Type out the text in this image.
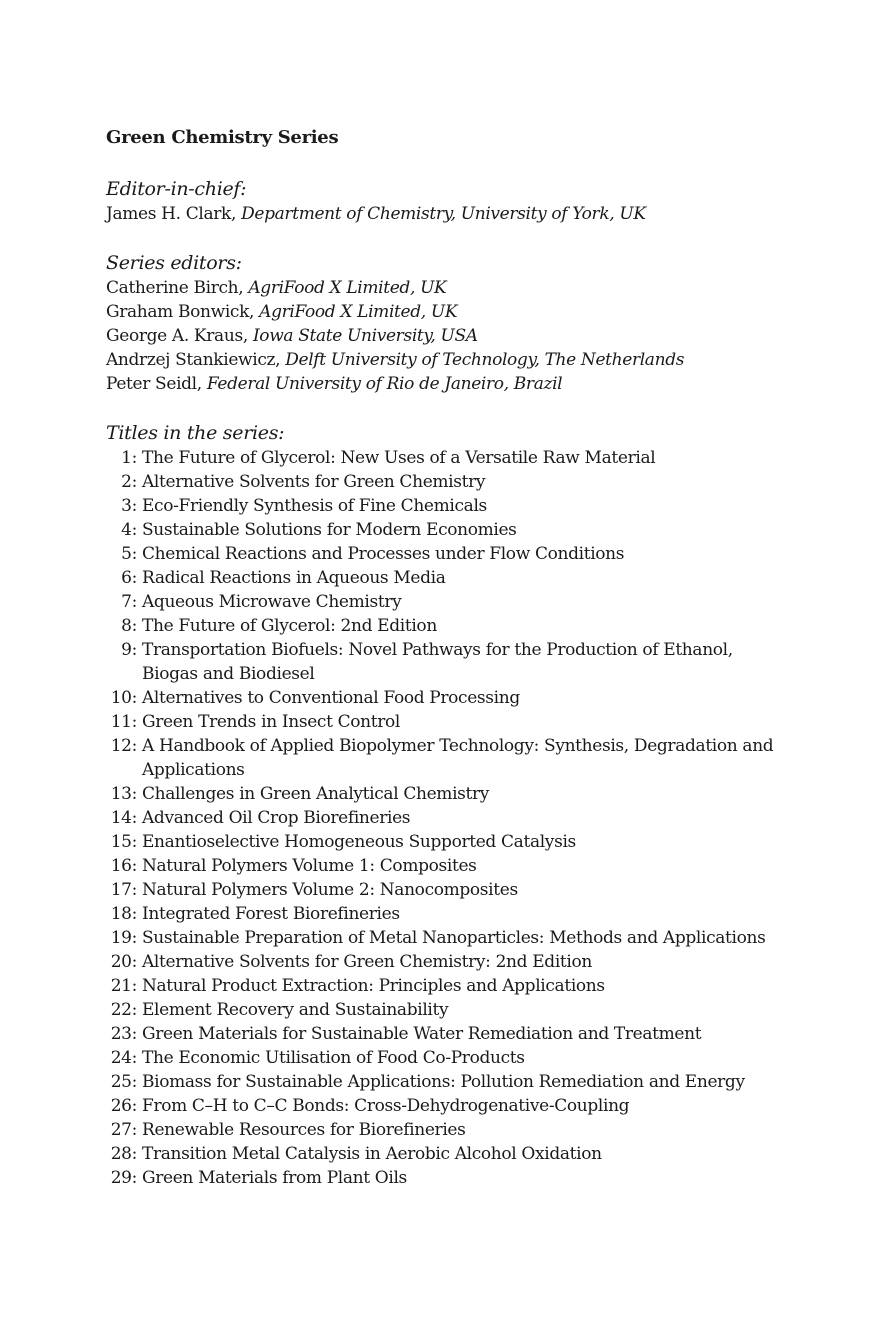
Green Chemistry Series
Editor-in-chief:
James H. Clark, Department of Chemistry, University of York, UK
Series editors:
Catherine Birch, AgriFood X Limited, UK
Graham Bonwick, AgriFood X Limited, UK
George A. Kraus, Iowa State University, USA
Andrzej Stankiewicz, Delft University of Technology, The Netherlands
Peter Seidl, Federal University of Rio de Janeiro, Brazil
Titles in the series:
1: The Future of Glycerol: New Uses of a Versatile Raw Material
2: Alternative Solvents for Green Chemistry
3: Eco-Friendly Synthesis of Fine Chemicals
4: Sustainable Solutions for Modern Economies
5: Chemical Reactions and Processes under Flow Conditions
6: Radical Reactions in Aqueous Media
7: Aqueous Microwave Chemistry
8: The Future of Glycerol: 2nd Edition
9: Transportation Biofuels: Novel Pathways for the Production of Ethanol, Biogas and Biodiesel
10: Alternatives to Conventional Food Processing
11: Green Trends in Insect Control
12: A Handbook of Applied Biopolymer Technology: Synthesis, Degradation and Applications
13: Challenges in Green Analytical Chemistry
14: Advanced Oil Crop Biorefineries
15: Enantioselective Homogeneous Supported Catalysis
16: Natural Polymers Volume 1: Composites
17: Natural Polymers Volume 2: Nanocomposites
18: Integrated Forest Biorefineries
19: Sustainable Preparation of Metal Nanoparticles: Methods and Applications
20: Alternative Solvents for Green Chemistry: 2nd Edition
21: Natural Product Extraction: Principles and Applications
22: Element Recovery and Sustainability
23: Green Materials for Sustainable Water Remediation and Treatment
24: The Economic Utilisation of Food Co-Products
25: Biomass for Sustainable Applications: Pollution Remediation and Energy
26: From C–H to C–C Bonds: Cross-Dehydrogenative-Coupling
27: Renewable Resources for Biorefineries
28: Transition Metal Catalysis in Aerobic Alcohol Oxidation
29: Green Materials from Plant Oils
